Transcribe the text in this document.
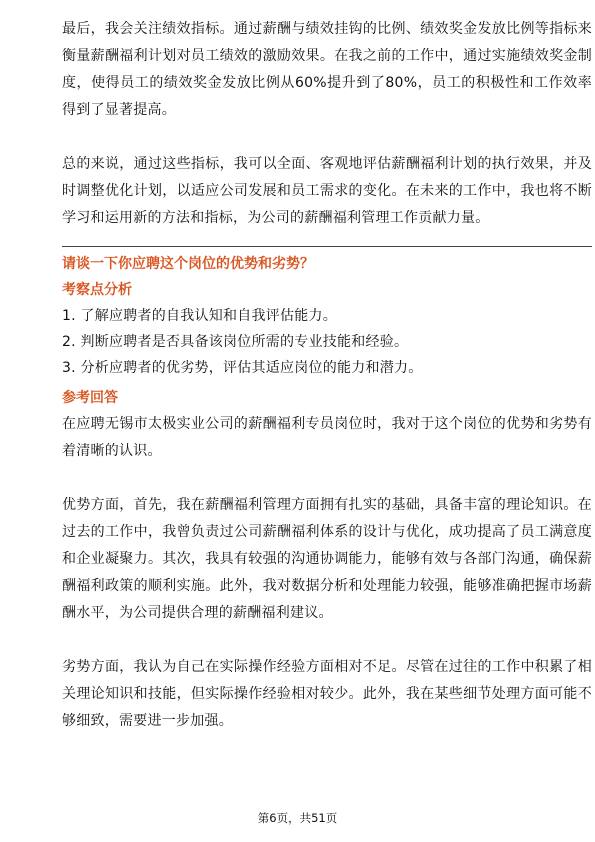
最后，我会关注绩效指标。通过薪酬与绩效挂钩的比例、绩效奖金发放比例等指标来衡量薪酬福利计划对员工绩效的激励效果。在我之前的工作中，通过实施绩效奖金制度，使得员工的绩效奖金发放比例从60%提升到了80%，员工的积极性和工作效率得到了显著提高。

总的来说，通过这些指标，我可以全面、客观地评估薪酬福利计划的执行效果，并及时调整优化计划，以适应公司发展和员工需求的变化。在未来的工作中，我也将不断学习和运用新的方法和指标，为公司的薪酬福利管理工作贡献力量。

请谈一下你应聘这个岗位的优势和劣势？
考察点分析

1. 了解应聘者的自我认知和自我评估能力。

2. 判断应聘者是否具备该岗位所需的专业技能和经验。

3. 分析应聘者的优劣势，评估其适应岗位的能力和潜力。

参考回答

在应聘无锡市太极实业公司的薪酬福利专员岗位时，我对于这个岗位的优势和劣势有着清晰的认识。

优势方面，首先，我在薪酬福利管理方面拥有扎实的基础，具备丰富的理论知识。在过去的工作中，我曾负责过公司薪酬福利体系的设计与优化，成功提高了员工满意度和企业凝聚力。其次，我具有较强的沟通协调能力，能够有效与各部门沟通，确保薪酬福利政策的顺利实施。此外，我对数据分析和处理能力较强，能够准确把握市场薪酬水平，为公司提供合理的薪酬福利建议。

劣势方面，我认为自己在实际操作经验方面相对不足。尽管在过往的工作中积累了相关理论知识和技能，但实际操作经验相对较少。此外，我在某些细节处理方面可能不够细致，需要进一步加强。

第6页，共51页
